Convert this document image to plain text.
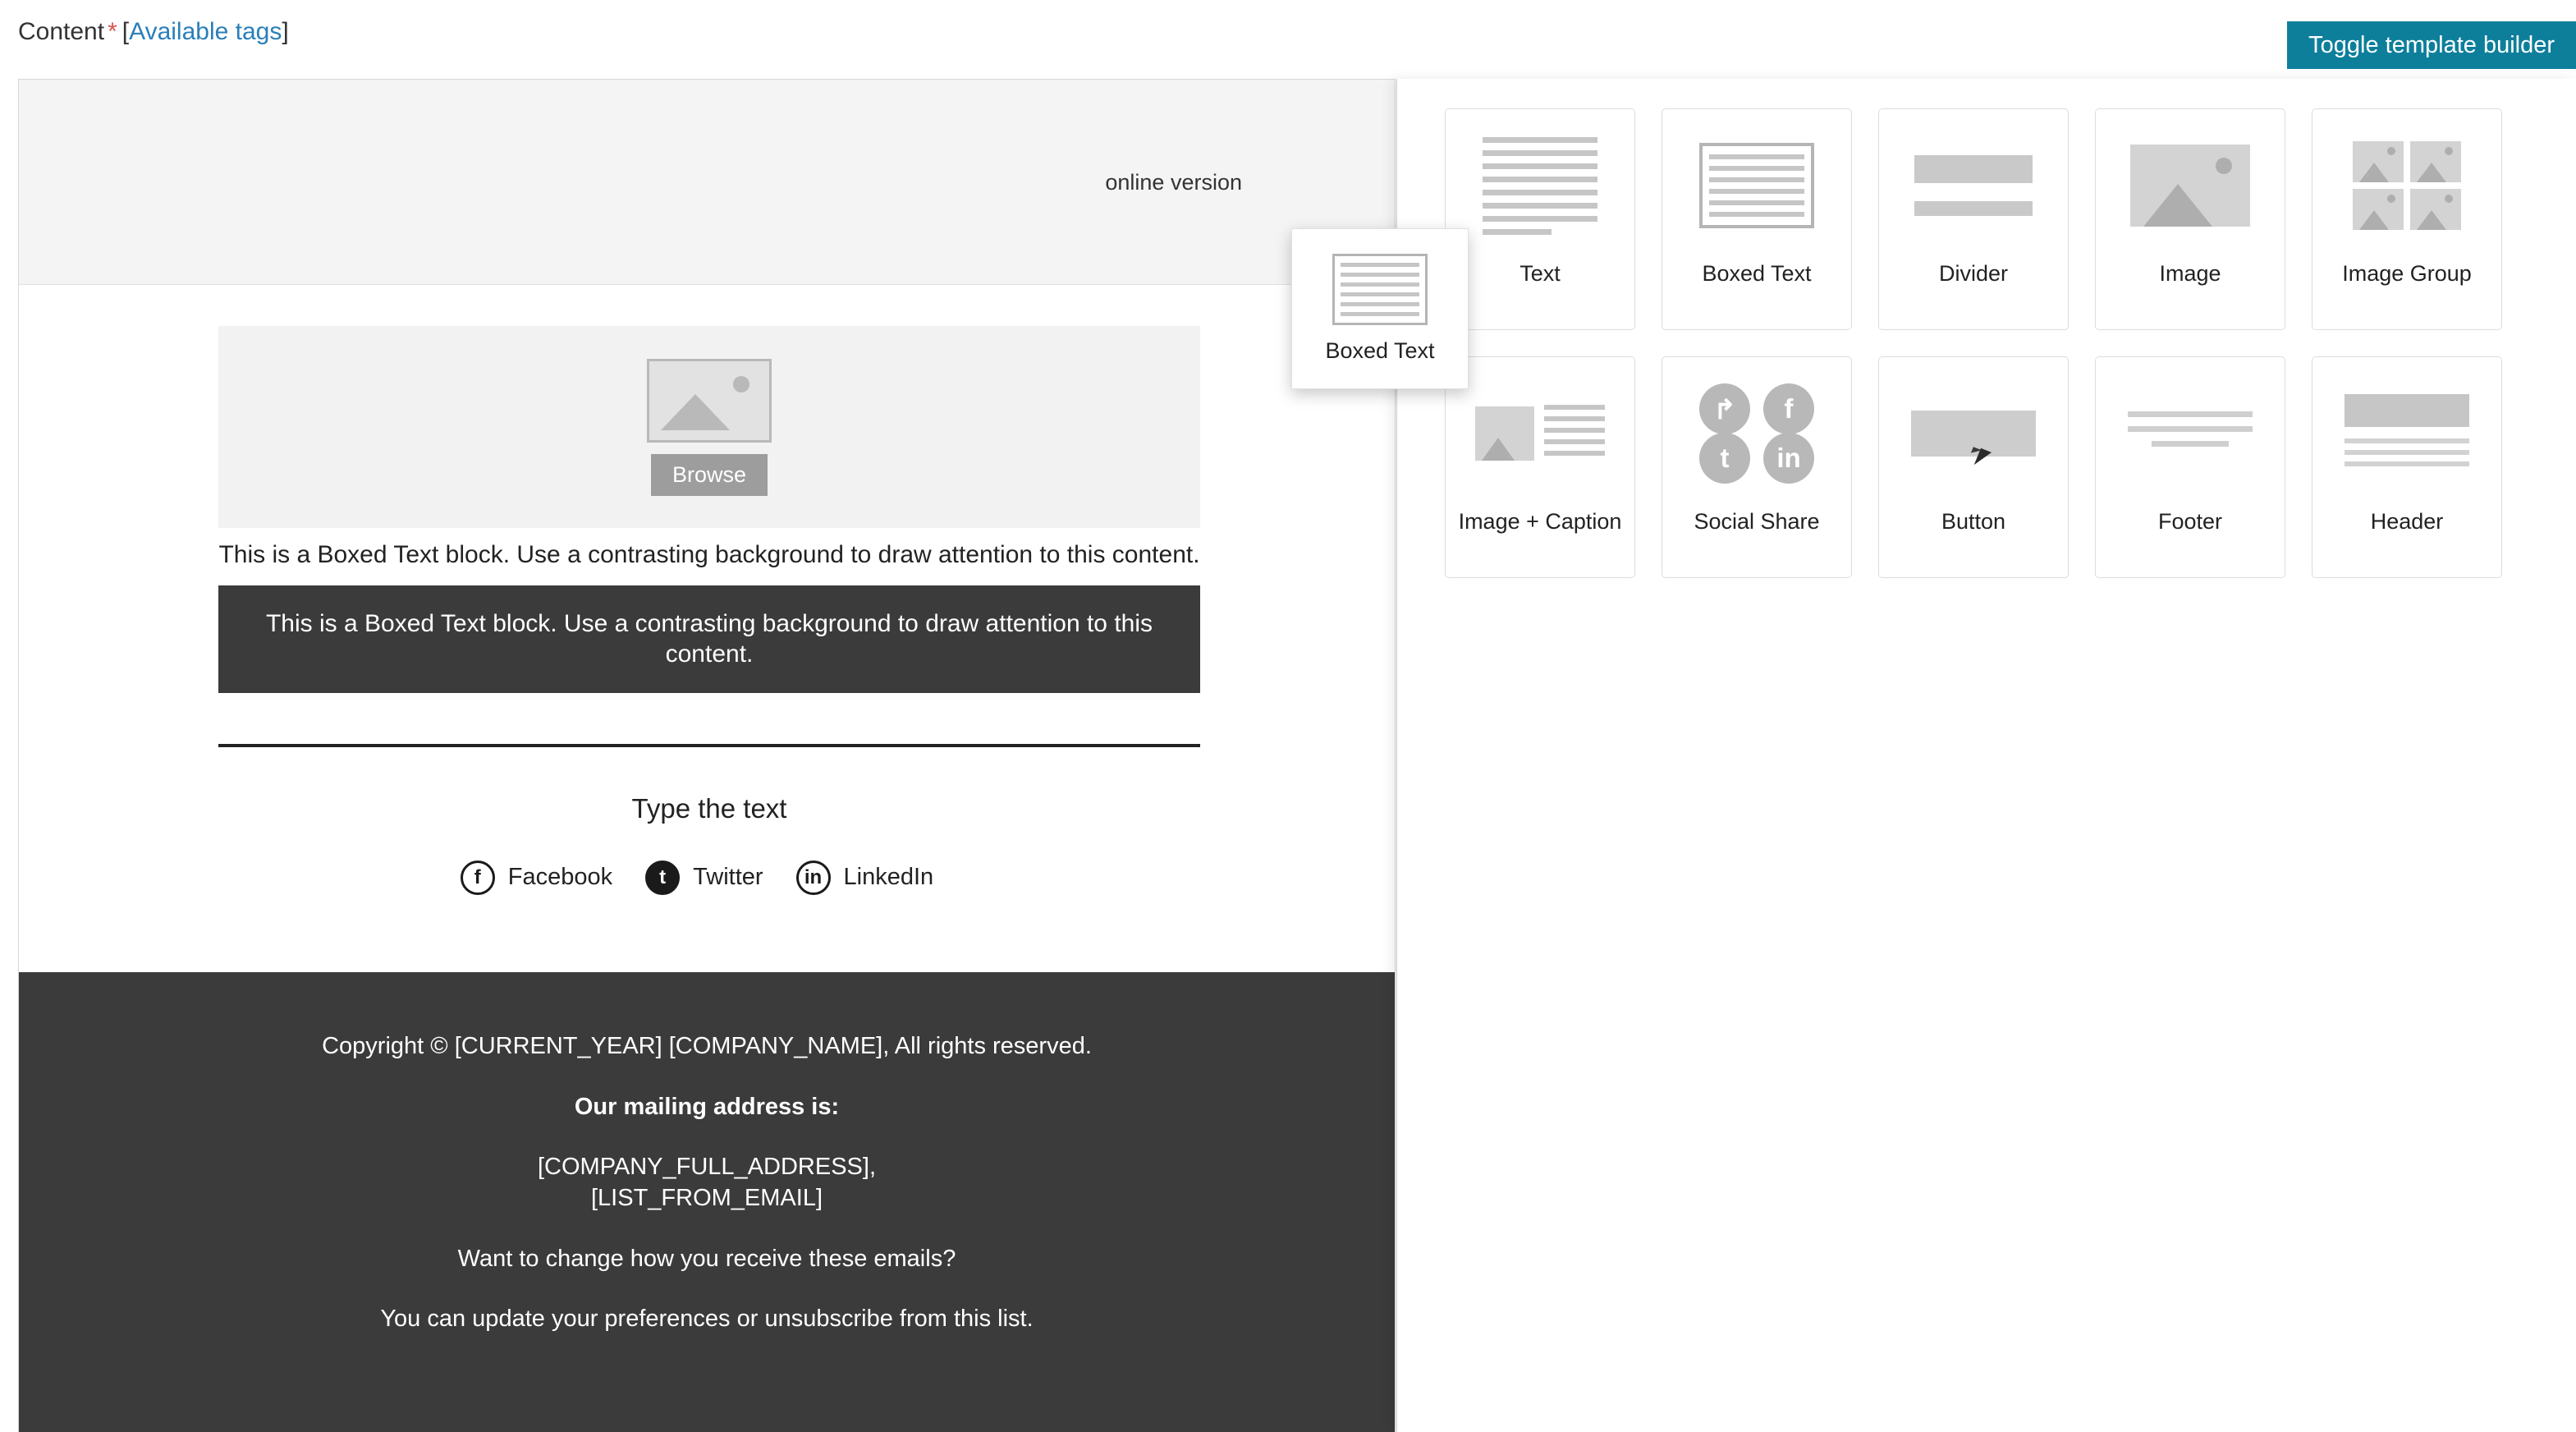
Content * [Available tags]	Toggle template builder
online version
Browse
This is a Boxed Text block. Use a contrasting background to draw attention to this content.
This is a Boxed Text block. Use a contrasting background to draw attention to this content.
Type the text
f	Facebook	t	Twitter	in LinkedIn

Copyright © [CURRENT_YEAR] [COMPANY_NAME], All rights reserved.

Our mailing address is:

[COMPANY_FULL_ADDRESS],
[LIST_FROM_EMAIL]

Want to change how you receive these emails?

You can update your preferences or unsubscribe from this list.

Text	Boxed Text	Divider	Image	Image Group
Image + Caption
↱	f
t	in
Social Share	Button	Footer	Header
Boxed Text
